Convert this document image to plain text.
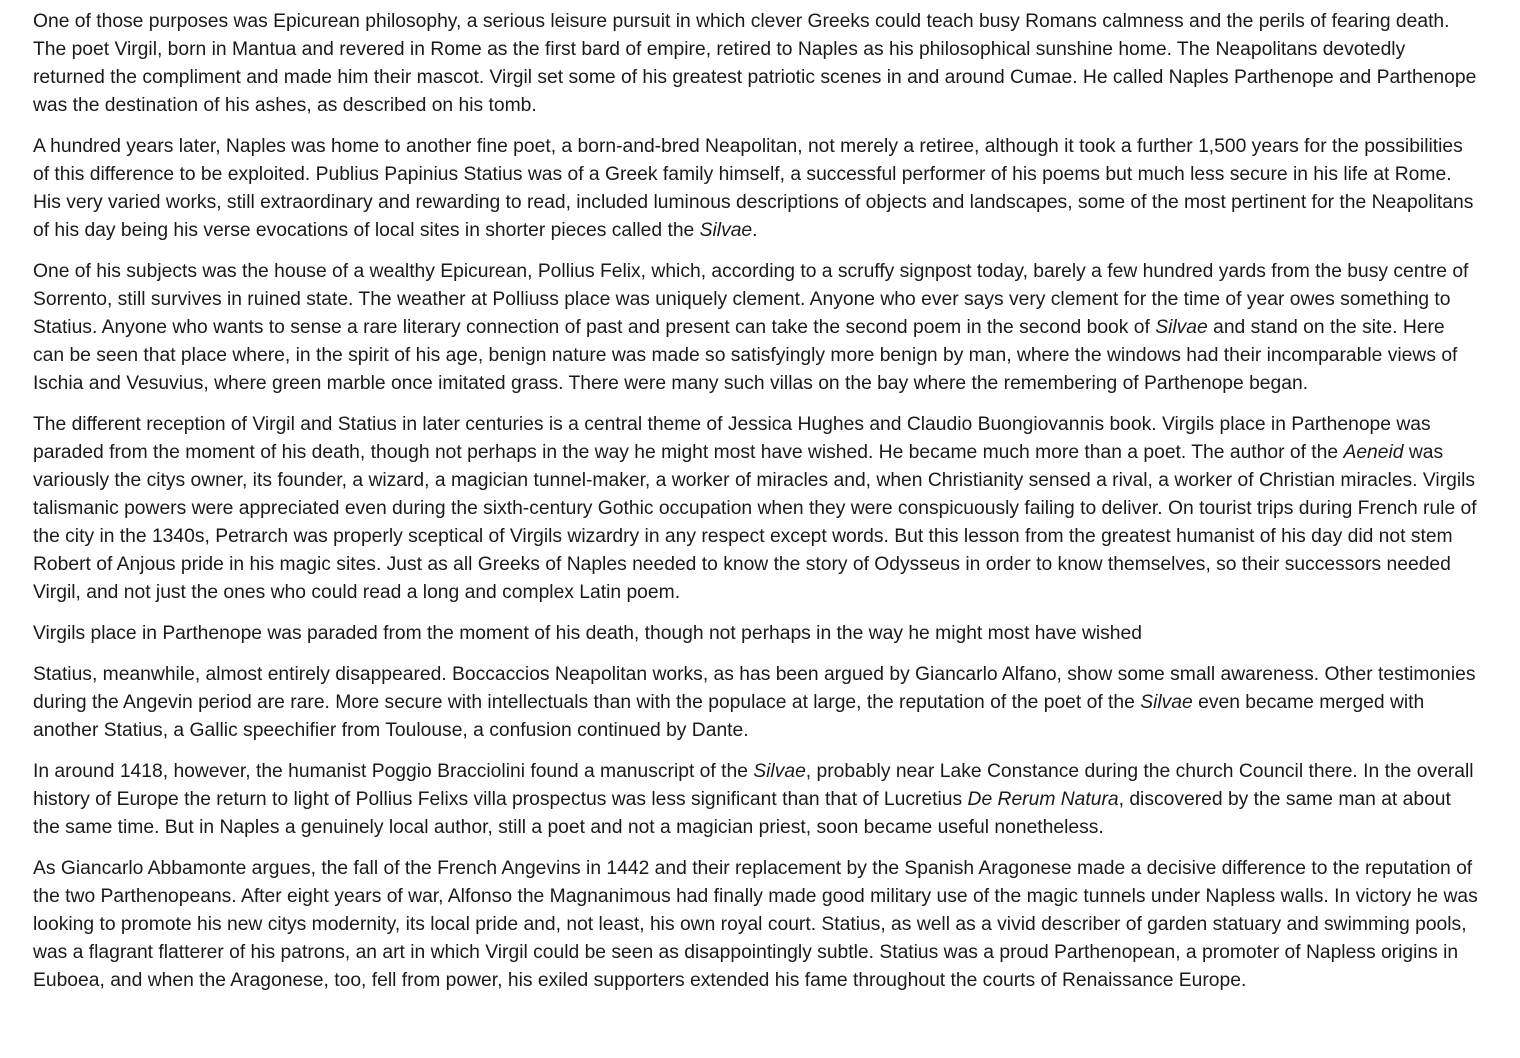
One of those purposes was Epicurean philosophy, a serious leisure pursuit in which clever Greeks could teach busy Romans calmness and the perils of fearing death. The poet Virgil, born in Mantua and revered in Rome as the first bard of empire, retired to Naples as his philosophical sunshine home. The Neapolitans devotedly returned the compliment and made him their mascot. Virgil set some of his greatest patriotic scenes in and around Cumae. He called Naples Parthenope and Parthenope was the destination of his ashes, as described on his tomb.

A hundred years later, Naples was home to another fine poet, a born-and-bred Neapolitan, not merely a retiree, although it took a further 1,500 years for the possibilities of this difference to be exploited. Publius Papinius Statius was of a Greek family himself, a successful performer of his poems but much less secure in his life at Rome. His very varied works, still extraordinary and rewarding to read, included luminous descriptions of objects and landscapes, some of the most pertinent for the Neapolitans of his day being his verse evocations of local sites in shorter pieces called the Silvae.

One of his subjects was the house of a wealthy Epicurean, Pollius Felix, which, according to a scruffy signpost today, barely a few hundred yards from the busy centre of Sorrento, still survives in ruined state. The weather at Polliuss place was uniquely clement. Anyone who ever says very clement for the time of year owes something to Statius. Anyone who wants to sense a rare literary connection of past and present can take the second poem in the second book of Silvae and stand on the site. Here can be seen that place where, in the spirit of his age, benign nature was made so satisfyingly more benign by man, where the windows had their incomparable views of Ischia and Vesuvius, where green marble once imitated grass. There were many such villas on the bay where the remembering of Parthenope began.

The different reception of Virgil and Statius in later centuries is a central theme of Jessica Hughes and Claudio Buongiovannis book. Virgils place in Parthenope was paraded from the moment of his death, though not perhaps in the way he might most have wished. He became much more than a poet. The author of the Aeneid was variously the citys owner, its founder, a wizard, a magician tunnel-maker, a worker of miracles and, when Christianity sensed a rival, a worker of Christian miracles. Virgils talismanic powers were appreciated even during the sixth-century Gothic occupation when they were conspicuously failing to deliver. On tourist trips during French rule of the city in the 1340s, Petrarch was properly sceptical of Virgils wizardry in any respect except words. But this lesson from the greatest humanist of his day did not stem Robert of Anjous pride in his magic sites. Just as all Greeks of Naples needed to know the story of Odysseus in order to know themselves, so their successors needed Virgil, and not just the ones who could read a long and complex Latin poem.

Virgils place in Parthenope was paraded from the moment of his death, though not perhaps in the way he might most have wished

Statius, meanwhile, almost entirely disappeared. Boccaccios Neapolitan works, as has been argued by Giancarlo Alfano, show some small awareness. Other testimonies during the Angevin period are rare. More secure with intellectuals than with the populace at large, the reputation of the poet of the Silvae even became merged with another Statius, a Gallic speechifier from Toulouse, a confusion continued by Dante.

In around 1418, however, the humanist Poggio Bracciolini found a manuscript of the Silvae, probably near Lake Constance during the church Council there. In the overall history of Europe the return to light of Pollius Felixs villa prospectus was less significant than that of Lucretius De Rerum Natura, discovered by the same man at about the same time. But in Naples a genuinely local author, still a poet and not a magician priest, soon became useful nonetheless.

As Giancarlo Abbamonte argues, the fall of the French Angevins in 1442 and their replacement by the Spanish Aragonese made a decisive difference to the reputation of the two Parthenopeans. After eight years of war, Alfonso the Magnanimous had finally made good military use of the magic tunnels under Napless walls. In victory he was looking to promote his new citys modernity, its local pride and, not least, his own royal court. Statius, as well as a vivid describer of garden statuary and swimming pools, was a flagrant flatterer of his patrons, an art in which Virgil could be seen as disappointingly subtle. Statius was a proud Parthenopean, a promoter of Napless origins in Euboea, and when the Aragonese, too, fell from power, his exiled supporters extended his fame throughout the courts of Renaissance Europe.
